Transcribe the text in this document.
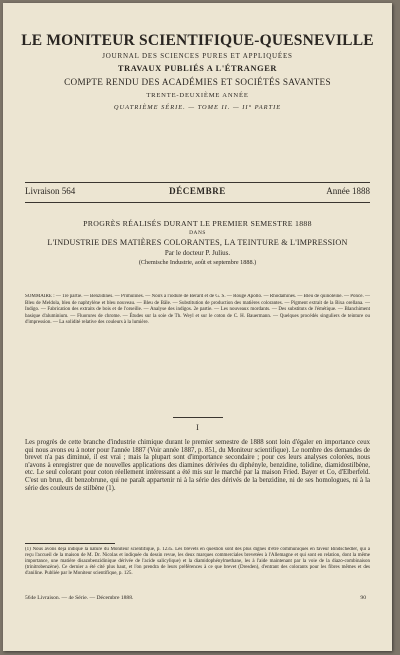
LE MONITEUR SCIENTIFIQUE-QUESNEVILLE
JOURNAL DES SCIENCES PURES ET APPLIQUÉES
TRAVAUX PUBLIÉS A L'ÉTRANGER
COMPTE RENDU DES ACADÉMIES ET SOCIÉTÉS SAVANTES
TRENTE-DEUXIÈME ANNÉE
QUATRIÈME SÉRIE. — TOME II. — II° PARTIE
Livraison 564	DÉCEMBRE	Année 1888
PROGRÈS RÉALISÉS DURANT LE PREMIER SEMESTRE 1888
DANS
L'INDUSTRIE DES MATIÈRES COLORANTES, LA TEINTURE & L'IMPRESSION
Par le docteur P. Julius.
(Chemische Industrie, août et septembre 1888.)

SOMMAIRE : — 1re partie. — Benzidines. — Primulines. — Noirs à l'iodure de Bérard et de G. S. — Rouge Apollo. — Rhodamines. — Bleu de quinoléine. — Ponce. — Bleu de Meldola, bleu de naphtylène et bleu nouveau. — Bleu de Bâle. — Substitution de production des matières colorantes. — Pigment extrait de la Bixa orellana. — Indigo. — Fabrication des extraits de bois et de l'orseille. — Analyse des indigos. 2e partie. — Les nouveaux mordants. — Des substituts de l'émétique. — Blanchiment basique d'aluminium. — Fluorures de chrome. — Études sur la soie de Th. Weyl et sur le coton de C. H. Bauermann. — Quelques procédés singuliers de teinture ou d'impression. — La solidité relative des couleurs à la lumière.

I

Les progrès de cette branche d'industrie chimique durant le premier semestre de 1888 sont loin d'égaler en importance ceux qui nous avons eu à noter pour l'année 1887 (Voir année 1887, p. 851, du Moniteur scientifique). Le nombre des demandes de brevet n'a pas diminué, il est vrai ; mais la plupart sont d'importance secondaire ; pour ces leurs analyses colorées, nous n'avons à enregistrer que de nouvelles applications des diamines dérivées du diphényle, benzidine, tolidine, diamidostilbène, etc. Le seul colorant pour coton réellement intéressant a été mis sur le marché par la maison Fried. Bayer et Co, d'Elberfeld. C'est un brun, dit benzobrune, qui ne paraît appartenir ni à la série des dérivés de la benzidine, ni de ses homologues, ni à la série des couleurs de stilbène (1).

(1) Nous avons déjà indiqué la nature du Moniteur scientifique, p. 1235. Les brevets en question sont des plus dignes d'être communiqués en faveur Bindschedler, qui a reçu l'accueil de la maison de M. Dr. Nicolas et indiquée du dessin revue, les deux marques commerciales brevetées à l'Allemagne et qui sont en relation, dont la même importance, une matière disazobenzidinique dérivée de l'acide salicylique) et la diamidophénylmethane, les à l'aide maintenant par la voie de la diazo-combinaison (trinitrobenzène). Ce dernier a été cité plus haut, et l'on prendra de leurs préférences à ce que brevet (Dresden), d'entrant des colorants pour les fibres mêmes et des d'aniline. Publiée par le Moniteur scientifique, p. 125.

564e Livraison. — 4e Série. — Décembre 1888.	90
